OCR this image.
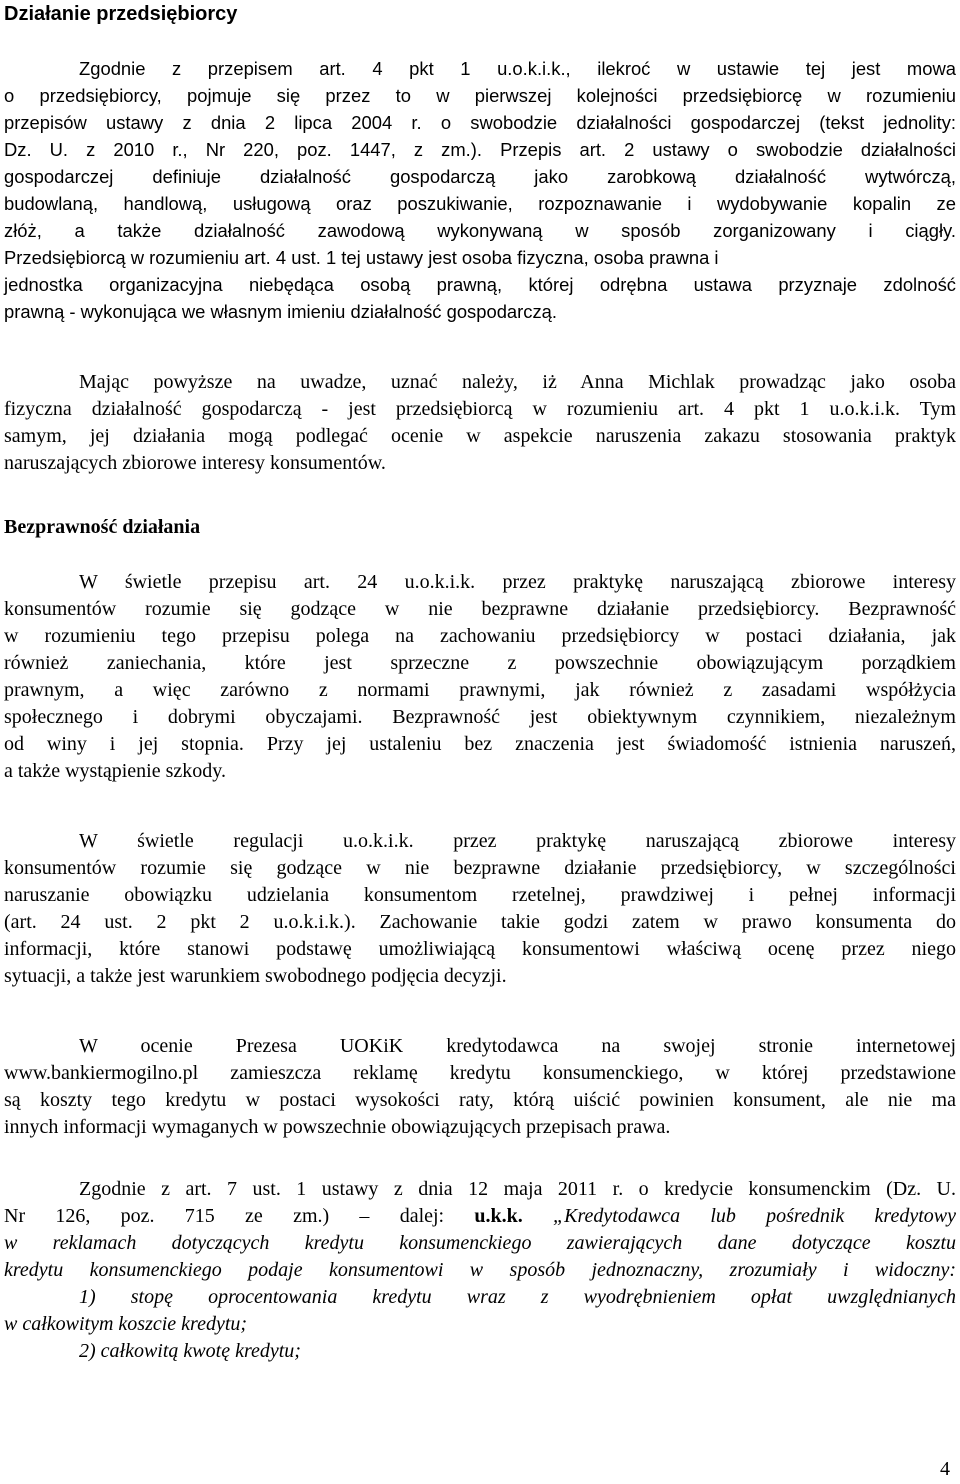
Działanie przedsiębiorcy
Zgodnie z przepisem art. 4 pkt 1 u.o.k.i.k., ilekroć w ustawie tej jest mowa
o przedsiębiorcy, pojmuje się przez to w pierwszej kolejności przedsiębiorcę w rozumieniu
przepisów ustawy z dnia 2 lipca 2004 r. o swobodzie działalności gospodarczej (tekst jednolity:
Dz. U. z 2010 r., Nr 220, poz. 1447, z zm.). Przepis art. 2 ustawy o swobodzie działalności
gospodarczej definiuje działalność gospodarczą jako zarobkową działalność wytwórczą,
budowlaną, handlową, usługową oraz poszukiwanie, rozpoznawanie i wydobywanie kopalin ze
złóż, a także działalność zawodową wykonywaną w sposób zorganizowany i ciągły.
Przedsiębiorcą w rozumieniu art. 4 ust. 1 tej ustawy jest osoba fizyczna, osoba prawna i
jednostka organizacyjna niebędąca osobą prawną, której odrębna ustawa przyznaje zdolność
prawną - wykonująca we własnym imieniu działalność gospodarczą.
Mając powyższe na uwadze, uznać należy, iż Anna Michlak prowadząc jako osoba
fizyczna działalność gospodarczą - jest przedsiębiorcą w rozumieniu art. 4 pkt 1 u.o.k.i.k. Tym
samym, jej działania mogą podlegać ocenie w aspekcie naruszenia zakazu stosowania praktyk
naruszających zbiorowe interesy konsumentów.
Bezprawność działania
W świetle przepisu art. 24 u.o.k.i.k. przez praktykę naruszającą zbiorowe interesy
konsumentów rozumie się godzące w nie bezprawne działanie przedsiębiorcy. Bezprawność
w rozumieniu tego przepisu polega na zachowaniu przedsiębiorcy w postaci działania, jak
również zaniechania, które jest sprzeczne z powszechnie obowiązującym porządkiem
prawnym, a więc zarówno z normami prawnymi, jak również z zasadami współżycia
społecznego i dobrymi obyczajami. Bezprawność jest obiektywnym czynnikiem, niezależnym
od winy i jej stopnia. Przy jej ustaleniu bez znaczenia jest świadomość istnienia naruszeń,
a także wystąpienie szkody.
W świetle regulacji u.o.k.i.k. przez praktykę naruszającą zbiorowe interesy
konsumentów rozumie się godzące w nie bezprawne działanie przedsiębiorcy, w szczególności
naruszanie obowiązku udzielania konsumentom rzetelnej, prawdziwej i pełnej informacji
(art. 24 ust. 2 pkt 2 u.o.k.i.k.). Zachowanie takie godzi zatem w prawo konsumenta do
informacji, które stanowi podstawę umożliwiającą konsumentowi właściwą ocenę przez niego
sytuacji, a także jest warunkiem swobodnego podjęcia decyzji.
W ocenie Prezesa UOKiK kredytodawca na swojej stronie internetowej
www.bankiermogilno.pl zamieszcza reklamę kredytu konsumenckiego, w której przedstawione
są koszty tego kredytu w postaci wysokości raty, którą uiścić powinien konsument, ale nie ma
innych informacji wymaganych w powszechnie obowiązujących przepisach prawa.
Zgodnie z art. 7 ust. 1 ustawy z dnia 12 maja 2011 r. o kredycie konsumenckim (Dz. U.
Nr 126, poz. 715 ze zm.) – dalej: u.k.k. „Kredytodawca lub pośrednik kredytowy
w reklamach dotyczących kredytu konsumenckiego zawierających dane dotyczące kosztu
kredytu konsumenckiego podaje konsumentowi w sposób jednoznaczny, zrozumiały i widoczny:
1) stopę oprocentowania kredytu wraz z wyodrębnieniem opłat uwzględnianych
w całkowitym koszcie kredytu;
2) całkowitą kwotę kredytu;
4
